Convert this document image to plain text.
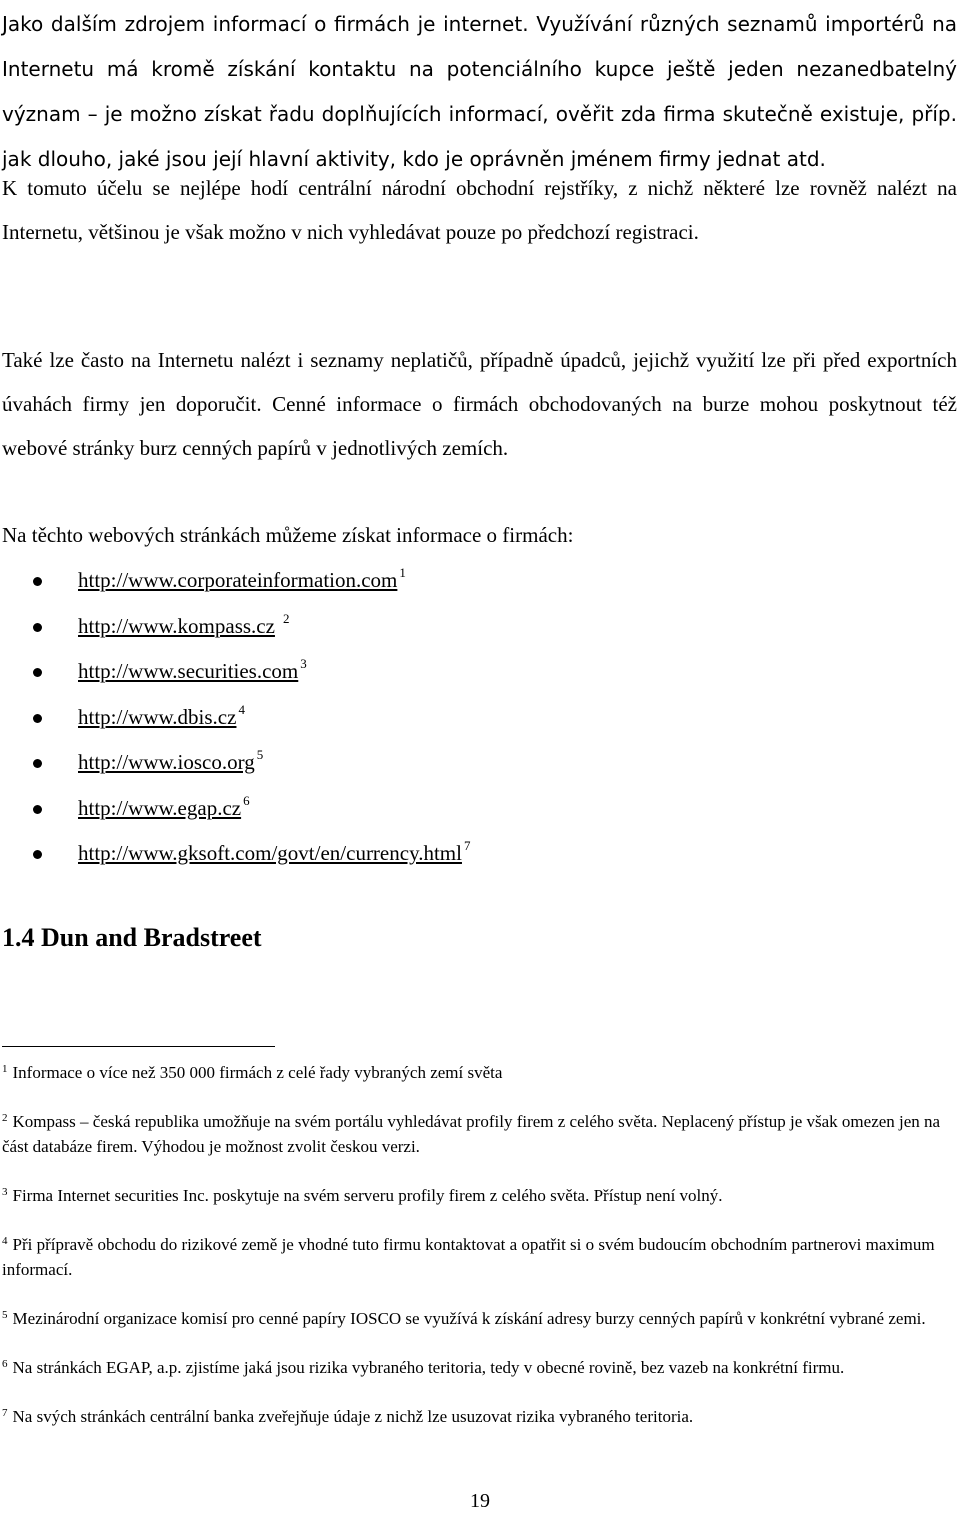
Jako dalším zdrojem informací o firmách je internet. Využívání různých seznamů importérů na Internetu má kromě získání kontaktu na potenciálního kupce ještě jeden nezanedbatelný význam – je možno získat řadu doplňujících informací, ověřit zda firma skutečně existuje, příp. jak dlouho, jaké jsou její hlavní aktivity, kdo je oprávněn jménem firmy jednat atd.

K tomuto účelu se nejlépe hodí centrální národní obchodní rejstříky, z nichž některé lze rovněž nalézt na Internetu, většinou je však možno v nich vyhledávat pouze po předchozí registraci.

Také lze často na Internetu nalézt i seznamy neplatičů, případně úpadců, jejichž využití lze při před exportních úvahách firmy jen doporučit. Cenné informace o firmách obchodovaných na burze mohou poskytnout též webové stránky burz cenných papírů v jednotlivých zemích.

Na těchto webových stránkách můžeme získat informace o firmách:

http://www.corporateinformation.com $^1$
http://www.kompass.cz $^2$
http://www.securities.com $^3$
http://www.dbis.cz $^4$
http://www.iosco.org $^5$
http://www.egap.cz $^6$
http://www.gksoft.com/govt/en/currency.html $^7$
1.4 Dun and Bradstreet

$^1$ Informace o více než 350 000 firmách z celé řady vybraných zemí světa

$^2$ Kompass – česká republika umožňuje na svém portálu vyhledávat profily firem z celého světa. Neplacený přístup je však omezen jen na část databáze firem. Výhodou je možnost zvolit českou verzi.

$^3$ Firma Internet securities Inc. poskytuje na svém serveru profily firem z celého světa. Přístup není volný.

$^4$ Při přípravě obchodu do rizikové země je vhodné tuto firmu kontaktovat a opatřit si o svém budoucím obchodním partnerovi maximum informací.

$^5$ Mezinárodní organizace komisí pro cenné papíry IOSCO se využívá k získání adresy burzy cenných papírů v konkrétní vybrané zemi.

$^6$ Na stránkách EGAP, a.p. zjistíme jaká jsou rizika vybraného teritoria, tedy v obecné rovině, bez vazeb na konkrétní firmu.

$^7$ Na svých stránkách centrální banka zveřejňuje údaje z nichž lze usuzovat rizika vybraného teritoria.

19
